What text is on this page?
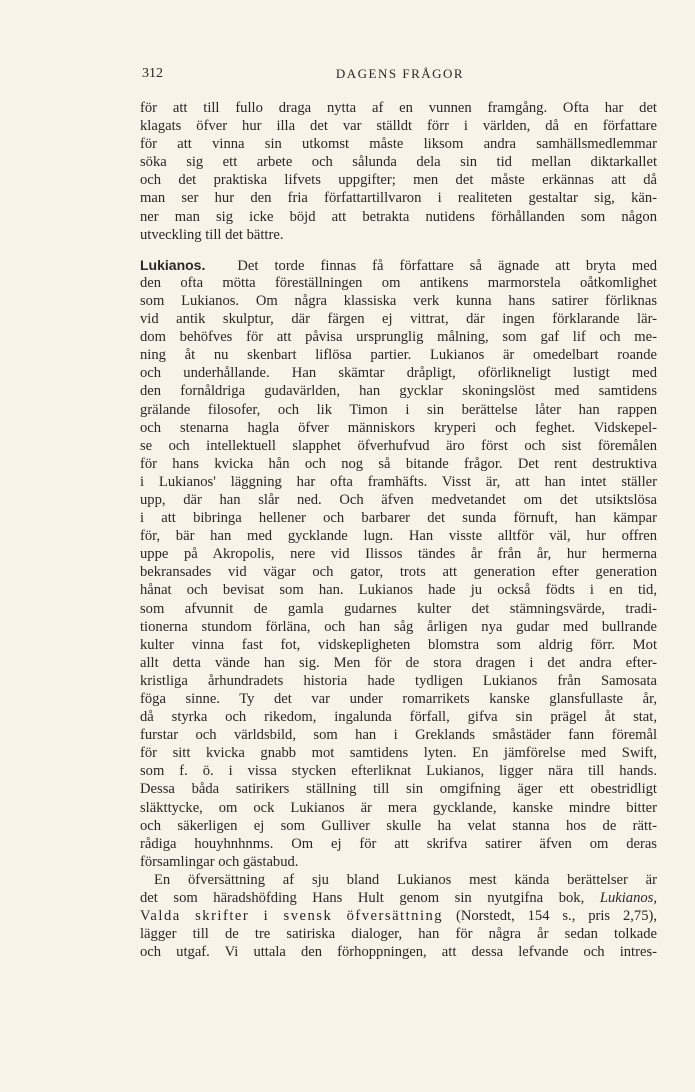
312	DAGENS FRÅGOR
för att till fullo draga nytta af en vunnen framgång. Ofta har det
klagats öfver hur illa det var ställdt förr i världen, då en författare
för att vinna sin utkomst måste liksom andra samhällsmedlemmar
söka sig ett arbete och sålunda dela sin tid mellan diktarkallet
och det praktiska lifvets uppgifter; men det måste erkännas att då
man ser hur den fria författartillvaron i realiteten gestaltar sig, kän-
ner man sig icke böjd att betrakta nutidens förhållanden som någon
utveckling till det bättre.
Lukianos. Det torde finnas få författare så ägnade att bryta med
den ofta mötta föreställningen om antikens marmorstela oåtkomlighet
som Lukianos. Om några klassiska verk kunna hans satirer förliknas
vid antik skulptur, där färgen ej vittrat, där ingen förklarande lär-
dom behöfves för att påvisa ursprunglig målning, som gaf lif och me-
ning åt nu skenbart liflösa partier. Lukianos är omedelbart roande
och underhållande. Han skämtar dråpligt, oförlikneligt lustigt med
den fornåldriga gudavärlden, han gycklar skoningslöst med samtidens
grälande filosofer, och lik Timon i sin berättelse låter han rappen
och stenarna hagla öfver människors kryperi och feghet. Vidskepel-
se och intellektuell slapphet öfverhufvud äro först och sist föremålen
för hans kvicka hån och nog så bitande frågor. Det rent destruktiva
i Lukianos' läggning har ofta framhäfts. Visst är, att han intet ställer
upp, där han slår ned. Och äfven medvetandet om det utsiktslösa
i att bibringa hellener och barbarer det sunda förnuft, han kämpar
för, bär han med gycklande lugn. Han visste alltför väl, hur offren
uppe på Akropolis, nere vid Ilissos tändes år från år, hur hermerna
bekransades vid vägar och gator, trots att generation efter generation
hånat och bevisat som han. Lukianos hade ju också födts i en tid,
som afvunnit de gamla gudarnes kulter det stämningsvärde, tradi-
tionerna stundom förläna, och han såg årligen nya gudar med bullrande
kulter vinna fast fot, vidskepligheten blomstra som aldrig förr. Mot
allt detta vände han sig. Men för de stora dragen i det andra efter-
kristliga århundradets historia hade tydligen Lukianos från Samosata
föga sinne. Ty det var under romarrikets kanske glansfullaste år,
då styrka och rikedom, ingalunda förfall, gifva sin prägel åt stat,
furstar och världsbild, som han i Greklands småstäder fann föremål
för sitt kvicka gnabb mot samtidens lyten. En jämförelse med Swift,
som f. ö. i vissa stycken efterliknat Lukianos, ligger nära till hands.
Dessa båda satirikers ställning till sin omgifning äger ett obestridligt
släkttycke, om ock Lukianos är mera gycklande, kanske mindre bitter
och säkerligen ej som Gulliver skulle ha velat stanna hos de rätt-
rådiga houyhnhnms. Om ej för att skrifva satirer äfven om deras
församlingar och gästabud.
En öfversättning af sju bland Lukianos mest kända berättelser är
det som häradshöfding Hans Hult genom sin nyutgifna bok, Lukianos,
Valda skrifter i svensk öfversättning (Norstedt, 154 s., pris 2,75),
lägger till de tre satiriska dialoger, han för några år sedan tolkade
och utgaf. Vi uttala den förhoppningen, att dessa lefvande och intres-
